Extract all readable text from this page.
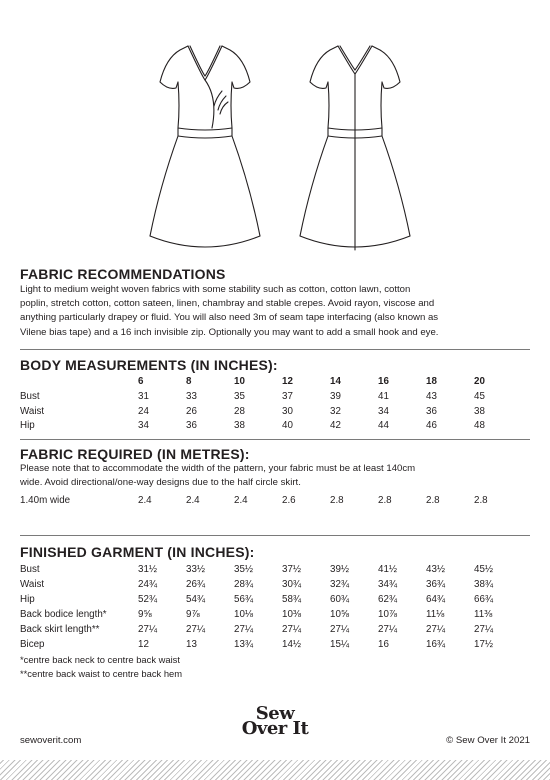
FABRIC RECOMMENDATIONS
Light to medium weight woven fabrics with some stability such as cotton, cotton lawn, cotton
poplin, stretch cotton, cotton sateen, linen, chambray and stable crepes. Avoid rayon, viscose and
anything particularly drapey or fluid. You will also need 3m of seam tape interfacing (also known as
Vilene bias tape) and a 16 inch invisible zip. Optionally you may want to add a small hook and eye.
BODY MEASUREMENTS (IN INCHES):
6	8	10	12	14	16	18	20
Bust	31	33	35	37	39	41	43	45
Waist	24	26	28	30	32	34	36	38
Hip	34	36	38	40	42	44	46	48
FABRIC REQUIRED (IN METRES):
Please note that to accommodate the width of the pattern, your fabric must be at least 140cm
wide. Avoid directional/one-way designs due to the half circle skirt.
1.40m wide	2.4	2.4	2.4	2.6	2.8	2.8	2.8	2.8
FINISHED GARMENT (IN INCHES):
Bust	31½	33½	35½	37½	39½	41½	43½	45½
Waist	24¾	26¾	28¾	30¾	32¾	34¾	36¾	38¾
Hip	52¾	54¾	56¾	58¾	60¾	62¾	64¾	66¾
Back bodice length*	9⅝	9⅞	10⅛	10⅜	10⅝	10⅞	11⅛	11⅜
Back skirt length**	27¼	27¼	27¼	27¼	27¼	27¼	27¼	27¼
Bicep	12	13	13¾	14½	15¼	16	16¾	17½
*centre back neck to centre back waist
**centre back waist to centre back hem
Sew
Over It
sewoverit.com	© Sew Over It 2021
